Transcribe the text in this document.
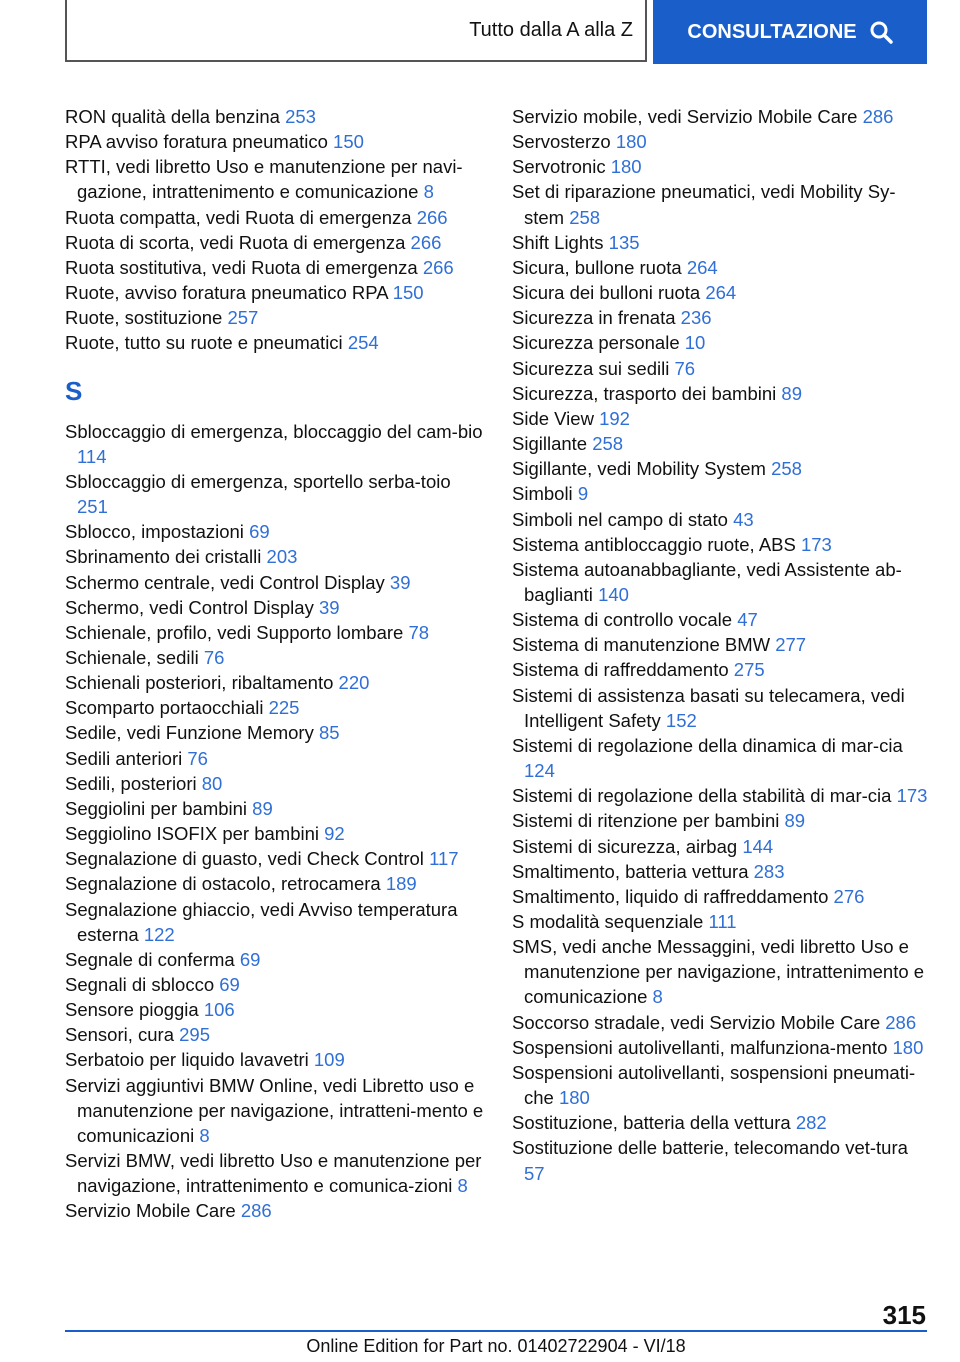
Tutto dalla A alla Z	CONSULTAZIONE
RON qualità della benzina 253
RPA avviso foratura pneumatico 150
RTTI, vedi libretto Uso e manutenzione per navi-gazione, intrattenimento e comunicazione 8
Ruota compatta, vedi Ruota di emergenza 266
Ruota di scorta, vedi Ruota di emergenza 266
Ruota sostitutiva, vedi Ruota di emergenza 266
Ruote, avviso foratura pneumatico RPA 150
Ruote, sostituzione 257
Ruote, tutto su ruote e pneumatici 254
S
Sbloccaggio di emergenza, bloccaggio del cam-bio 114
Sbloccaggio di emergenza, sportello serba-toio 251
Sblocco, impostazioni 69
Sbrinamento dei cristalli 203
Schermo centrale, vedi Control Display 39
Schermo, vedi Control Display 39
Schienale, profilo, vedi Supporto lombare 78
Schienale, sedili 76
Schienali posteriori, ribaltamento 220
Scomparto portaocchiali 225
Sedile, vedi Funzione Memory 85
Sedili anteriori 76
Sedili, posteriori 80
Seggiolini per bambini 89
Seggiolino ISOFIX per bambini 92
Segnalazione di guasto, vedi Check Control 117
Segnalazione di ostacolo, retrocamera 189
Segnalazione ghiaccio, vedi Avviso temperatura esterna 122
Segnale di conferma 69
Segnali di sblocco 69
Sensore pioggia 106
Sensori, cura 295
Serbatoio per liquido lavavetri 109
Servizi aggiuntivi BMW Online, vedi Libretto uso e manutenzione per navigazione, intratteni-mento e comunicazioni 8
Servizi BMW, vedi libretto Uso e manutenzione per navigazione, intrattenimento e comunica-zioni 8
Servizio Mobile Care 286
Servizio mobile, vedi Servizio Mobile Care 286
Servosterzo 180
Servotronic 180
Set di riparazione pneumatici, vedi Mobility Sy-stem 258
Shift Lights 135
Sicura, bullone ruota 264
Sicura dei bulloni ruota 264
Sicurezza in frenata 236
Sicurezza personale 10
Sicurezza sui sedili 76
Sicurezza, trasporto dei bambini 89
Side View 192
Sigillante 258
Sigillante, vedi Mobility System 258
Simboli 9
Simboli nel campo di stato 43
Sistema antibloccaggio ruote, ABS 173
Sistema autoanabbagliante, vedi Assistente ab-baglianti 140
Sistema di controllo vocale 47
Sistema di manutenzione BMW 277
Sistema di raffreddamento 275
Sistemi di assistenza basati su telecamera, vedi Intelligent Safety 152
Sistemi di regolazione della dinamica di mar-cia 124
Sistemi di regolazione della stabilità di mar-cia 173
Sistemi di ritenzione per bambini 89
Sistemi di sicurezza, airbag 144
Smaltimento, batteria vettura 283
Smaltimento, liquido di raffreddamento 276
S modalità sequenziale 111
SMS, vedi anche Messaggini, vedi libretto Uso e manutenzione per navigazione, intrattenimento e comunicazione 8
Soccorso stradale, vedi Servizio Mobile Care 286
Sospensioni autolivellanti, malfunziona-mento 180
Sospensioni autolivellanti, sospensioni pneumati-che 180
Sostituzione, batteria della vettura 282
Sostituzione delle batterie, telecomando vet-tura 57
315
Online Edition for Part no. 01402722904 - VI/18
